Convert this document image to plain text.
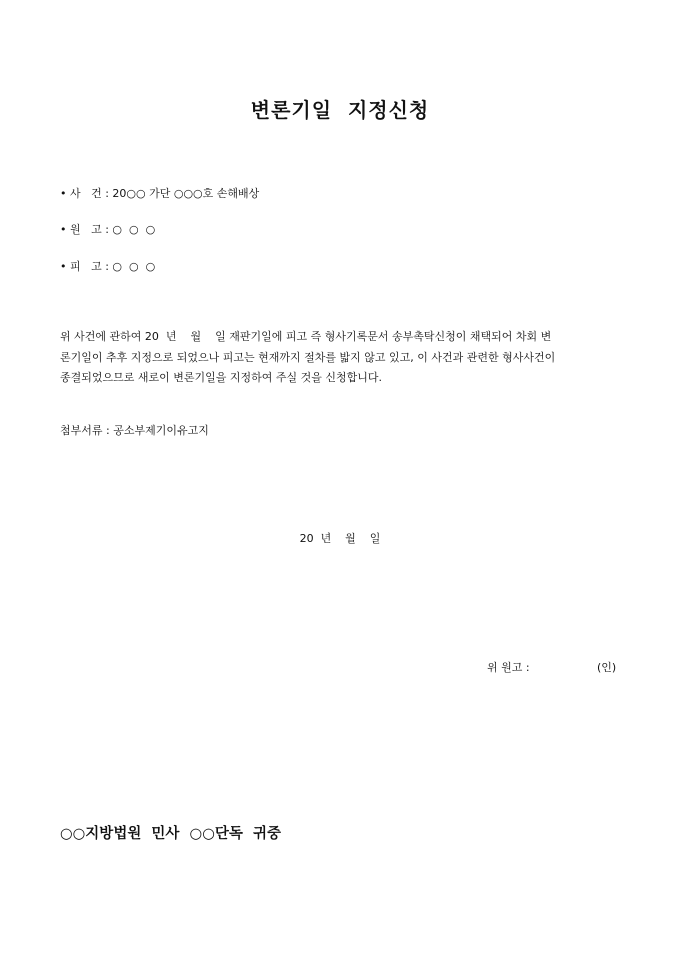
변론기일  지정신청
• 사   건 : 20○○ 가단 ○○○호 손해배상
• 원   고 : ○  ○  ○
• 피   고 : ○  ○  ○
위 사건에 관하여 20  년    월    일 재판기일에 피고 즉 형사기록문서 송부촉탁신청이 채택되어 차회 변
론기일이 추후 지정으로 되었으나 피고는 현재까지 절차를 밟지 않고 있고, 이 사건과 관련한 형사사건이
종결되었으므로 새로이 변론기일을 지정하여 주실 것을 신청합니다.
첨부서류 : 공소부제기이유고지
20  년    월    일
위 원고 :	(인)
○○지방법원  민사  ○○단독  귀중
